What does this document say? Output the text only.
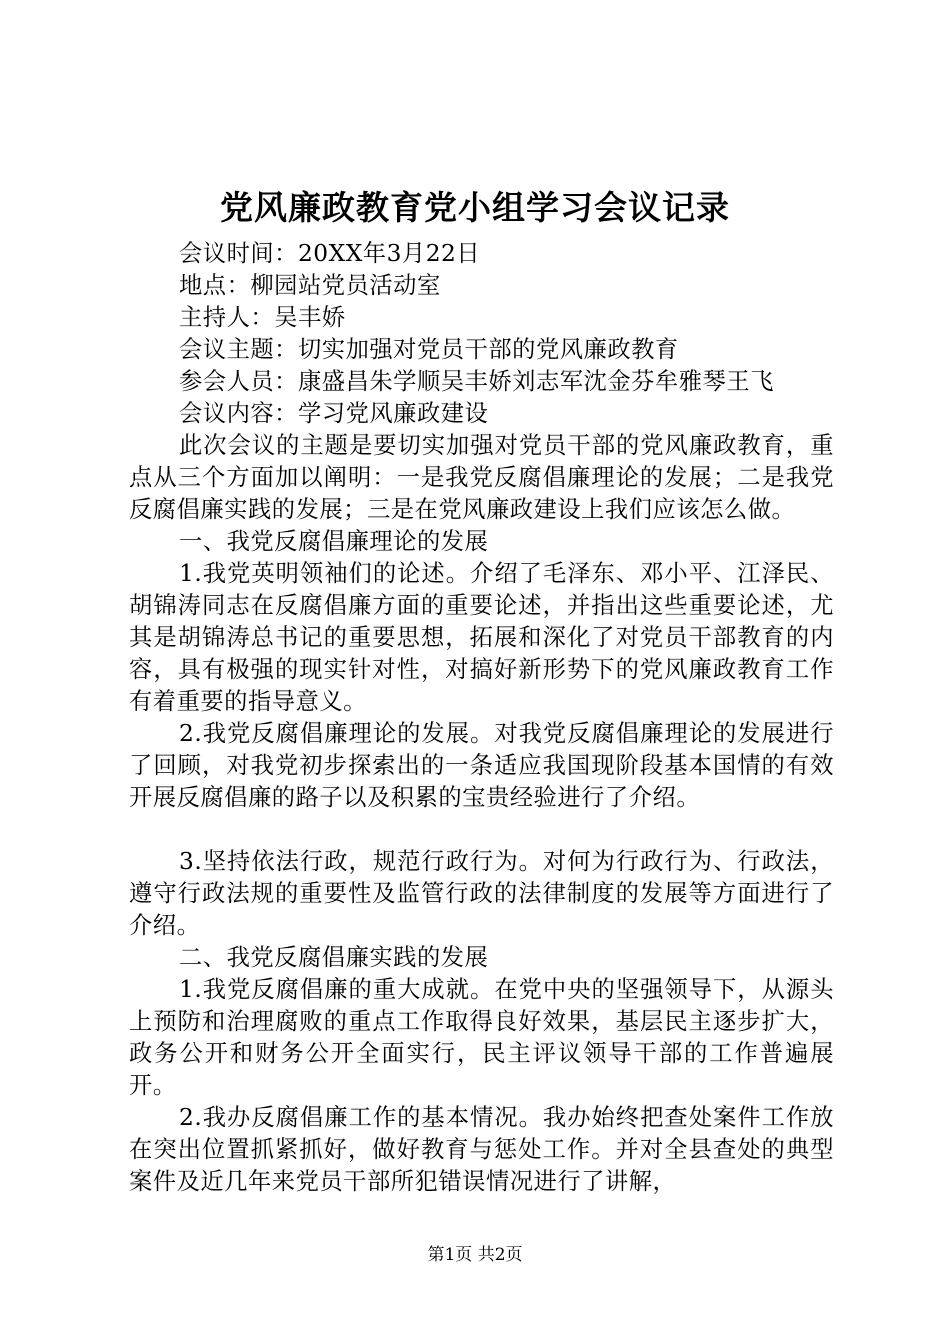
党风廉政教育党小组学习会议记录
会议时间：20XX年3月22日
地点：柳园站党员活动室
主持人：吴丰娇
会议主题：切实加强对党员干部的党风廉政教育
参会人员：康盛昌朱学顺吴丰娇刘志军沈金芬牟雅琴王飞
会议内容：学习党风廉政建设

此次会议的主题是要切实加强对党员干部的党风廉政教育，重点从三个方面加以阐明：一是我党反腐倡廉理论的发展；二是我党反腐倡廉实践的发展；三是在党风廉政建设上我们应该怎么做。

一、我党反腐倡廉理论的发展

1.我党英明领袖们的论述。介绍了毛泽东、邓小平、江泽民、胡锦涛同志在反腐倡廉方面的重要论述，并指出这些重要论述，尤其是胡锦涛总书记的重要思想，拓展和深化了对党员干部教育的内容，具有极强的现实针对性，对搞好新形势下的党风廉政教育工作有着重要的指导意义。

2.我党反腐倡廉理论的发展。对我党反腐倡廉理论的发展进行了回顾，对我党初步探索出的一条适应我国现阶段基本国情的有效开展反腐倡廉的路子以及积累的宝贵经验进行了介绍。

3.坚持依法行政，规范行政行为。对何为行政行为、行政法，遵守行政法规的重要性及监管行政的法律制度的发展等方面进行了介绍。

二、我党反腐倡廉实践的发展

1.我党反腐倡廉的重大成就。在党中央的坚强领导下，从源头上预防和治理腐败的重点工作取得良好效果，基层民主逐步扩大，政务公开和财务公开全面实行，民主评议领导干部的工作普遍展开。

2.我办反腐倡廉工作的基本情况。我办始终把查处案件工作放在突出位置抓紧抓好，做好教育与惩处工作。并对全县查处的典型案件及近几年来党员干部所犯错误情况进行了讲解，

第1页 共2页
